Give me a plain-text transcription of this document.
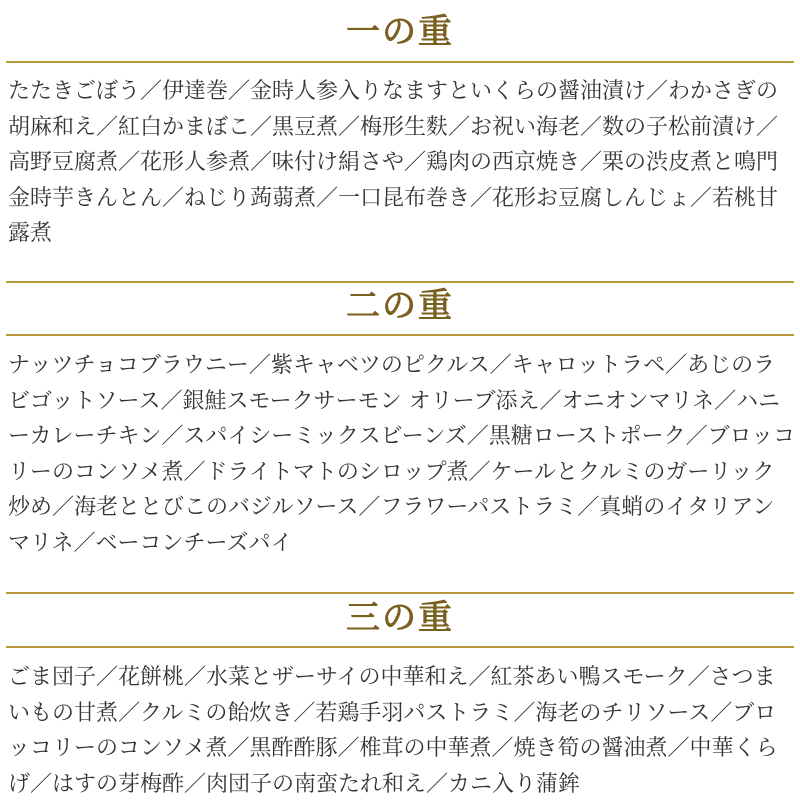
一の重

たたきごぼう／伊達巻／金時人参入りなますといくらの醤油漬け／わかさぎの胡麻和え／紅白かまぼこ／黒豆煮／梅形生麩／お祝い海老／数の子松前漬け／高野豆腐煮／花形人参煮／味付け絹さや／鶏肉の西京焼き／栗の渋皮煮と鳴門金時芋きんとん／ねじり蒟蒻煮／一口昆布巻き／花形お豆腐しんじょ／若桃甘露煮

二の重

ナッツチョコブラウニー／紫キャベツのピクルス／キャロットラペ／あじのラビゴットソース／銀鮭スモークサーモン オリーブ添え／オニオンマリネ／ハニーカレーチキン／スパイシーミックスビーンズ／黒糖ローストポーク／ブロッコリーのコンソメ煮／ドライトマトのシロップ煮／ケールとクルミのガーリック炒め／海老ととびこのバジルソース／フラワーパストラミ／真蛸のイタリアンマリネ／ベーコンチーズパイ

三の重

ごま団子／花餅桃／水菜とザーサイの中華和え／紅茶あい鴨スモーク／さつまいもの甘煮／クルミの飴炊き／若鶏手羽パストラミ／海老のチリソース／ブロッコリーのコンソメ煮／黒酢酢豚／椎茸の中華煮／焼き筍の醤油煮／中華くらげ／はすの芽梅酢／肉団子の南蛮たれ和え／カニ入り蒲鉾
